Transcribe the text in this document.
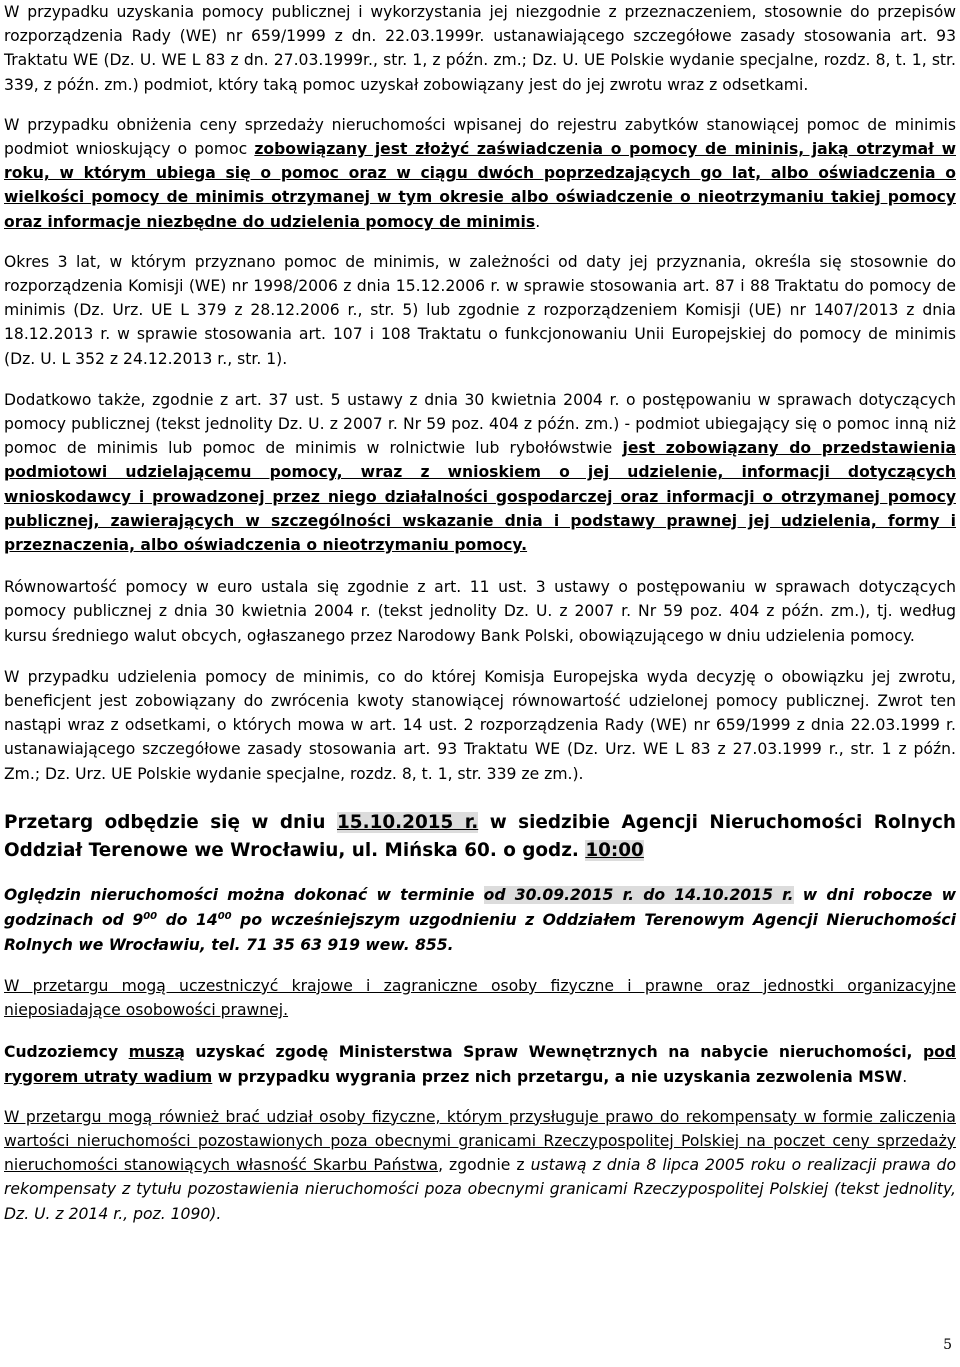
W przypadku uzyskania pomocy publicznej i wykorzystania jej niezgodnie z przeznaczeniem, stosownie do przepisów rozporządzenia Rady (WE) nr 659/1999 z dn. 22.03.1999r. ustanawiającego szczegółowe zasady stosowania art. 93 Traktatu WE (Dz. U. WE L 83 z dn. 27.03.1999r., str. 1, z późn. zm.; Dz. U. UE Polskie wydanie specjalne, rozdz. 8, t. 1, str. 339, z późn. zm.) podmiot, który taką pomoc uzyskał zobowiązany jest do jej zwrotu wraz z odsetkami.

W przypadku obniżenia ceny sprzedaży nieruchomości wpisanej do rejestru zabytków stanowiącej pomoc de minimis podmiot wnioskujący o pomoc zobowiązany jest złożyć zaświadczenia o pomocy de mininis, jaką otrzymał w roku, w którym ubiega się o pomoc oraz w ciągu dwóch poprzedzających go lat, albo oświadczenia o wielkości pomocy de minimis otrzymanej w tym okresie albo oświadczenie o nieotrzymaniu takiej pomocy oraz informacje niezbędne do udzielenia pomocy de minimis.

Okres 3 lat, w którym przyznano pomoc de minimis, w zależności od daty jej przyznania, określa się stosownie do rozporządzenia Komisji (WE) nr 1998/2006 z dnia 15.12.2006 r. w sprawie stosowania art. 87 i 88 Traktatu do pomocy de minimis (Dz. Urz. UE L 379 z 28.12.2006 r., str. 5) lub zgodnie z rozporządzeniem Komisji (UE) nr 1407/2013 z dnia 18.12.2013 r. w sprawie stosowania art. 107 i 108 Traktatu o funkcjonowaniu Unii Europejskiej do pomocy de minimis (Dz. U. L 352 z 24.12.2013 r., str. 1).

Dodatkowo także, zgodnie z art. 37 ust. 5 ustawy z dnia 30 kwietnia 2004 r. o postępowaniu w sprawach dotyczących pomocy publicznej (tekst jednolity Dz. U. z 2007 r. Nr 59 poz. 404 z późn. zm.) - podmiot ubiegający się o pomoc inną niż pomoc de minimis lub pomoc de minimis w rolnictwie lub rybołówstwie jest zobowiązany do przedstawienia podmiotowi udzielającemu pomocy, wraz z wnioskiem o jej udzielenie, informacji dotyczących wnioskodawcy i prowadzonej przez niego działalności gospodarczej oraz informacji o otrzymanej pomocy publicznej, zawierających w szczególności wskazanie dnia i podstawy prawnej jej udzielenia, formy i przeznaczenia, albo oświadczenia o nieotrzymaniu pomocy.

Równowartość pomocy w euro ustala się zgodnie z art. 11 ust. 3 ustawy o postępowaniu w sprawach dotyczących pomocy publicznej z dnia 30 kwietnia 2004 r. (tekst jednolity Dz. U. z 2007 r. Nr 59 poz. 404 z późn. zm.), tj. według kursu średniego walut obcych, ogłaszanego przez Narodowy Bank Polski, obowiązującego w dniu udzielenia pomocy.

W przypadku udzielenia pomocy de minimis, co do której Komisja Europejska wyda decyzję o obowiązku jej zwrotu, beneficjent jest zobowiązany do zwrócenia kwoty stanowiącej równowartość udzielonej pomocy publicznej. Zwrot ten nastąpi wraz z odsetkami, o których mowa w art. 14 ust. 2 rozporządzenia Rady (WE) nr 659/1999 z dnia 22.03.1999 r. ustanawiającego szczegółowe zasady stosowania art. 93 Traktatu WE (Dz. Urz. WE L 83 z 27.03.1999 r., str. 1 z późn. Zm.; Dz. Urz. UE Polskie wydanie specjalne, rozdz. 8, t. 1, str. 339 ze zm.).

Przetarg odbędzie się w dniu 15.10.2015 r. w siedzibie Agencji Nieruchomości Rolnych Oddział Terenowe we Wrocławiu, ul. Mińska 60. o godz. 10:00

Oględzin nieruchomości można dokonać w terminie od 30.09.2015 r. do 14.10.2015 r. w dni robocze w godzinach od $9^{00}$ do $14^{00}$ po wcześniejszym uzgodnieniu z Oddziałem Terenowym Agencji Nieruchomości Rolnych we Wrocławiu, tel. 71 35 63 919 wew. 855.

W przetargu mogą uczestniczyć krajowe i zagraniczne osoby fizyczne i prawne oraz jednostki organizacyjne nieposiadające osobowości prawnej.

Cudzoziemcy muszą uzyskać zgodę Ministerstwa Spraw Wewnętrznych na nabycie nieruchomości, pod rygorem utraty wadium w przypadku wygrania przez nich przetargu, a nie uzyskania zezwolenia MSW.

W przetargu mogą również brać udział osoby fizyczne, którym przysługuje prawo do rekompensaty w formie zaliczenia wartości nieruchomości pozostawionych poza obecnymi granicami Rzeczypospolitej Polskiej na poczet ceny sprzedaży nieruchomości stanowiących własność Skarbu Państwa, zgodnie z ustawą z dnia 8 lipca 2005 roku o realizacji prawa do rekompensaty z tytułu pozostawienia nieruchomości poza obecnymi granicami Rzeczypospolitej Polskiej (tekst jednolity, Dz. U. z 2014 r., poz. 1090).

5
